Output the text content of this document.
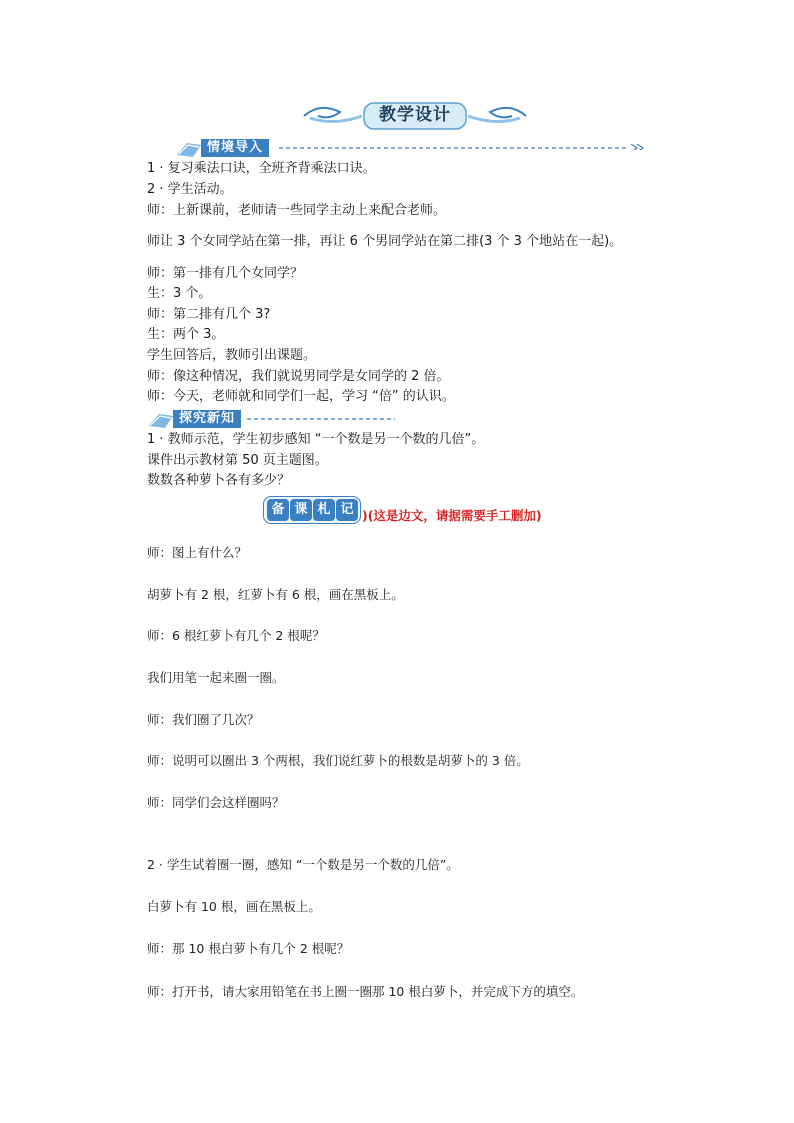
教学设计
情境导入
1 · 复习乘法口诀，全班齐背乘法口诀。
2 · 学生活动。
师：上新课前，老师请一些同学主动上来配合老师。
师让 3 个女同学站在第一排，再让 6 个男同学站在第二排(3 个 3 个地站在一起)。
师：第一排有几个女同学？
生：3 个。
师：第二排有几个 3?
生：两个 3。
学生回答后，教师引出课题。
师：像这种情况，我们就说男同学是女同学的 2 倍。
师：今天，老师就和同学们一起，学习 “倍” 的认识。
探究新知
1 · 教师示范，学生初步感知 “一个数是另一个数的几倍”。
课件出示教材第 50 页主题图。
数数各种萝卜各有多少？
备 课 札 记 )(这是边文，请据需要手工删加)
师：图上有什么？
胡萝卜有 2 根，红萝卜有 6 根，画在黑板上。
师：6 根红萝卜有几个 2 根呢？
我们用笔一起来圈一圈。
师：我们圈了几次？
师：说明可以圈出 3 个两根，我们说红萝卜的根数是胡萝卜的 3 倍。
师：同学们会这样圈吗？
2 · 学生试着圈一圈，感知 “一个数是另一个数的几倍”。
白萝卜有 10 根，画在黑板上。
师：那 10 根白萝卜有几个 2 根呢？
师：打开书，请大家用铅笔在书上圈一圈那 10 根白萝卜，并完成下方的填空。
